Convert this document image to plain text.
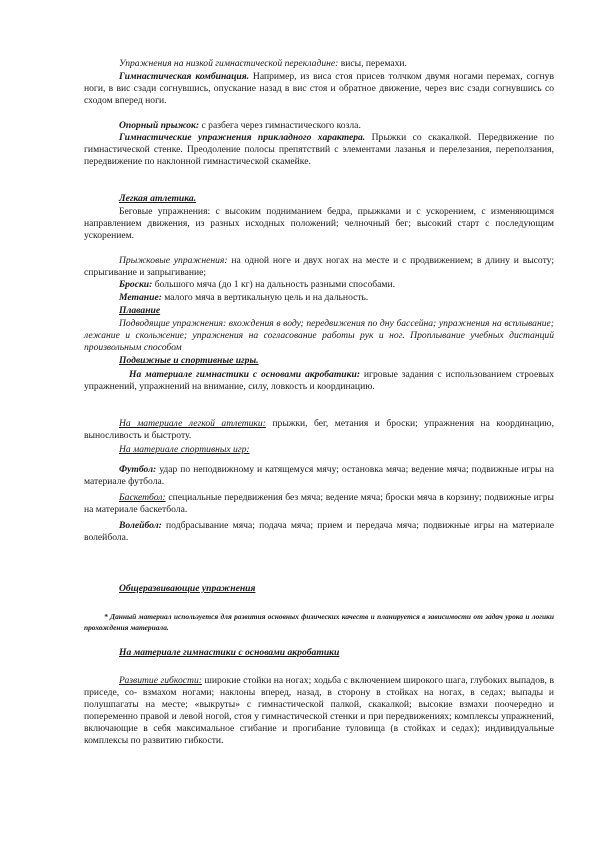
Упражнения на низкой гимнастической перекладине: висы, перемахи.

Гимнастическая комбинация. Например, из виса стоя присев толчком двумя ногами перемах, согнув ноги, в вис сзади согнувшись, опускание назад в вис стоя и обратное движение, через вис сзади согнувшись со сходом вперед ноги.

Опорный прыжок: с разбега через гимнастического козла.

Гимнастические упражнения прикладного характера. Прыжки со скакалкой. Передвижение по гимнастической стенке. Преодоление полосы препятствий с элементами лазанья и перелезания, переползания, передвижение по наклонной гимнастической скамейке.

Легкая атлетика.

Беговые упражнения: с высоким подниманием бедра, прыжками и с ускорением, с изменяющимся направлением движения, из разных исходных положений; челночный бег; высокий старт с последующим ускорением.

Прыжковые упражнения: на одной ноге и двух ногах на месте и с продвижением; в длину и высоту; спрыгивание и запрыгивание;

Броски: большого мяча (до 1 кг) на дальность разными способами.

Метание: малого мяча в вертикальную цель и на дальность.

Плавание

Подводящие упражнения: вхождения в воду; передвижения по дну бассейна; упражнения на всплывание; лежание и скольжение; упражнения на согласование работы рук и ног. Проплывание учебных дистанций произвольным способом

Подвижные и спортивные игры.

На материале гимнастики с основами акробатики: игровые задания с использованием строевых упражнений, упражнений на внимание, силу, ловкость и координацию.

На материале легкой атлетики: прыжки, бег, метания и броски; упражнения на координацию, выносливость и быстроту.

На материале спортивных игр:

Футбол: удар по неподвижному и катящемуся мячу; остановка мяча; ведение мяча; подвижные игры на материале футбола.

Баскетбол: специальные передвижения без мяча; ведение мяча; броски мяча в корзину; подвижные игры на материале баскетбола.

Волейбол: подбрасывание мяча; подача мяча; прием и передача мяча; подвижные игры на материале волейбола.

Общеразвивающие упражнения

* Данный материал используется для развития основных физических качеств и планируется в зависимости от задач урока и логики прохождения материала.

На материале гимнастики с основами акробатики

Развитие гибкости: широкие стойки на ногах; ходьба с включением широкого шага, глубоких выпадов, в приседе, со- взмахом ногами; наклоны вперед, назад, в сторону в стойках на ногах, в седах; выпады и полушпагаты на месте; «выкруты» с гимнастической палкой, скакалкой; высокие взмахи поочередно и попеременно правой и левой ногой, стоя у гимнастической стенки и при передвижениях; комплексы упражнений, включающие в себя максимальное сгибание и прогибание туловища (в стойках и седах); индивидуальные комплексы по развитию гибкости.
